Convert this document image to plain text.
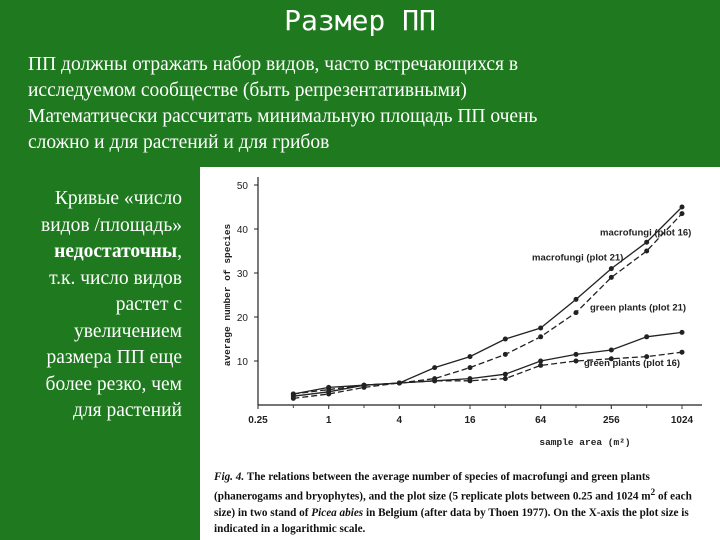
Размер ПП
ПП должны отражать набор видов, часто встречающихся в
исследуемом сообществе (быть репрезентативными)
Математически рассчитать минимальную площадь ПП очень
сложно и для растений и для грибов
Кривые «число
видов /площадь»
недостаточны,
т.к. число видов
растет с
увеличением
размера ПП еще
более резко, чем
для растений
10
20
30
40
50
0.25	1	4	16	64	256	1024
sample area (m²)
average number of species	macrofungi (plot 21)
macrofungi (plot 16)
green plants (plot 21)
green plants (plot 16)
Fig. 4. The relations between the average number of species of macrofungi and green plants (phanerogams and bryophytes), and the plot size (5 replicate plots between 0.25 and 1024 $m^2$ of each size) in two stand of Picea abies in Belgium (after data by Thoen 1977). On the X-axis the plot size is indicated in a logarithmic scale.
